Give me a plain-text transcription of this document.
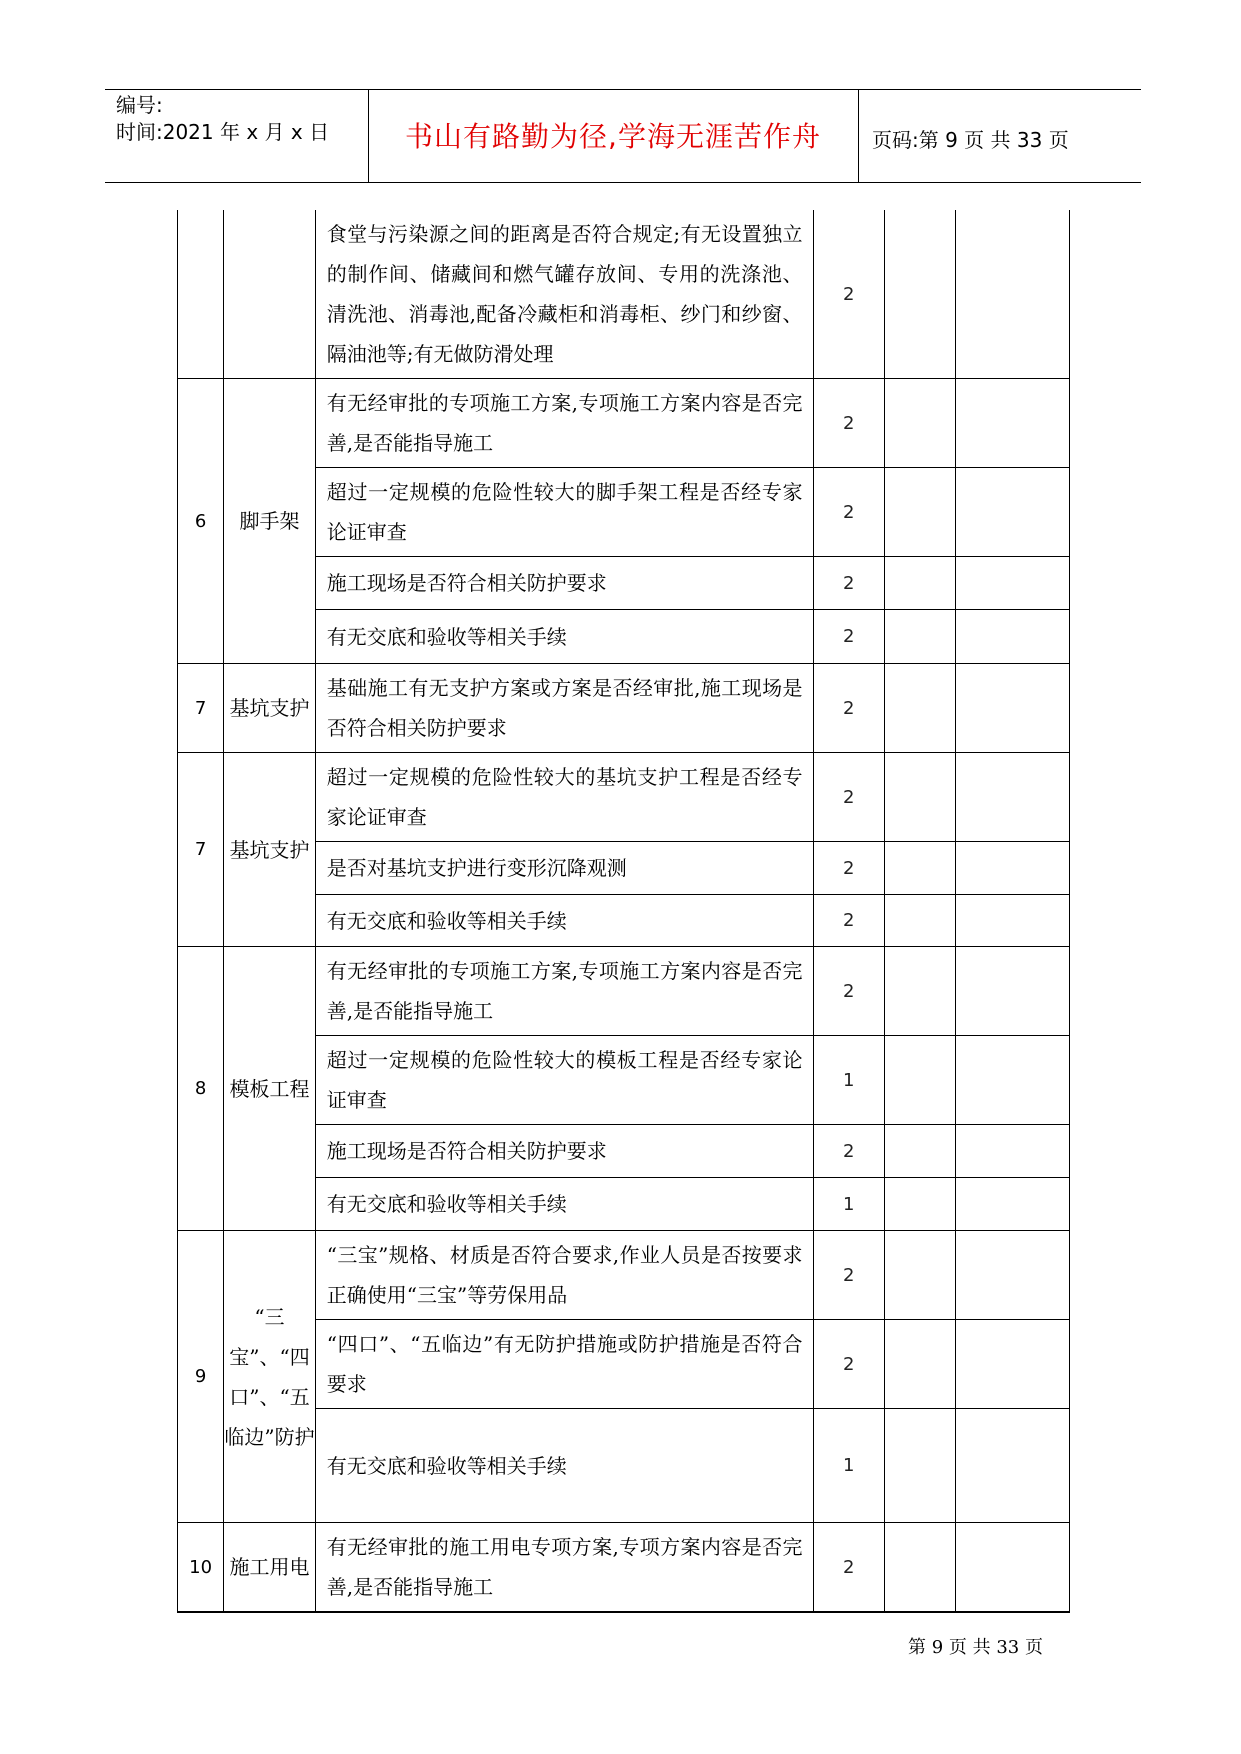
编号:
时间:2021 年 x 月 x 日	书山有路勤为径,学海无涯苦作舟	页码:第 9 页 共 33 页
		食堂与污染源之间的距离是否符合规定;有无设置独立的制作间、储藏间和燃气罐存放间、专用的洗涤池、清洗池、消毒池,配备冷藏柜和消毒柜、纱门和纱窗、隔油池等;有无做防滑处理	2		
6	脚手架	有无经审批的专项施工方案,专项施工方案内容是否完善,是否能指导施工	2		
		超过一定规模的危险性较大的脚手架工程是否经专家论证审查	2		
		施工现场是否符合相关防护要求	2		
		有无交底和验收等相关手续	2		
7	基坑支护	基础施工有无支护方案或方案是否经审批,施工现场是否符合相关防护要求	2		
7	基坑支护	超过一定规模的危险性较大的基坑支护工程是否经专家论证审查	2		
		是否对基坑支护进行变形沉降观测	2		
		有无交底和验收等相关手续	2		
8	模板工程	有无经审批的专项施工方案,专项施工方案内容是否完善,是否能指导施工	2		
		超过一定规模的危险性较大的模板工程是否经专家论证审查	1		
		施工现场是否符合相关防护要求	2		
		有无交底和验收等相关手续	1		
9	“三宝”、“四口”、“五临边”防护	“三宝”规格、材质是否符合要求,作业人员是否按要求正确使用“三宝”等劳保用品	2		
		“四口”、“五临边”有无防护措施或防护措施是否符合要求	2		
		有无交底和验收等相关手续	1		
10	施工用电	有无经审批的施工用电专项方案,专项方案内容是否完善,是否能指导施工	2		
第 9 页 共 33 页
